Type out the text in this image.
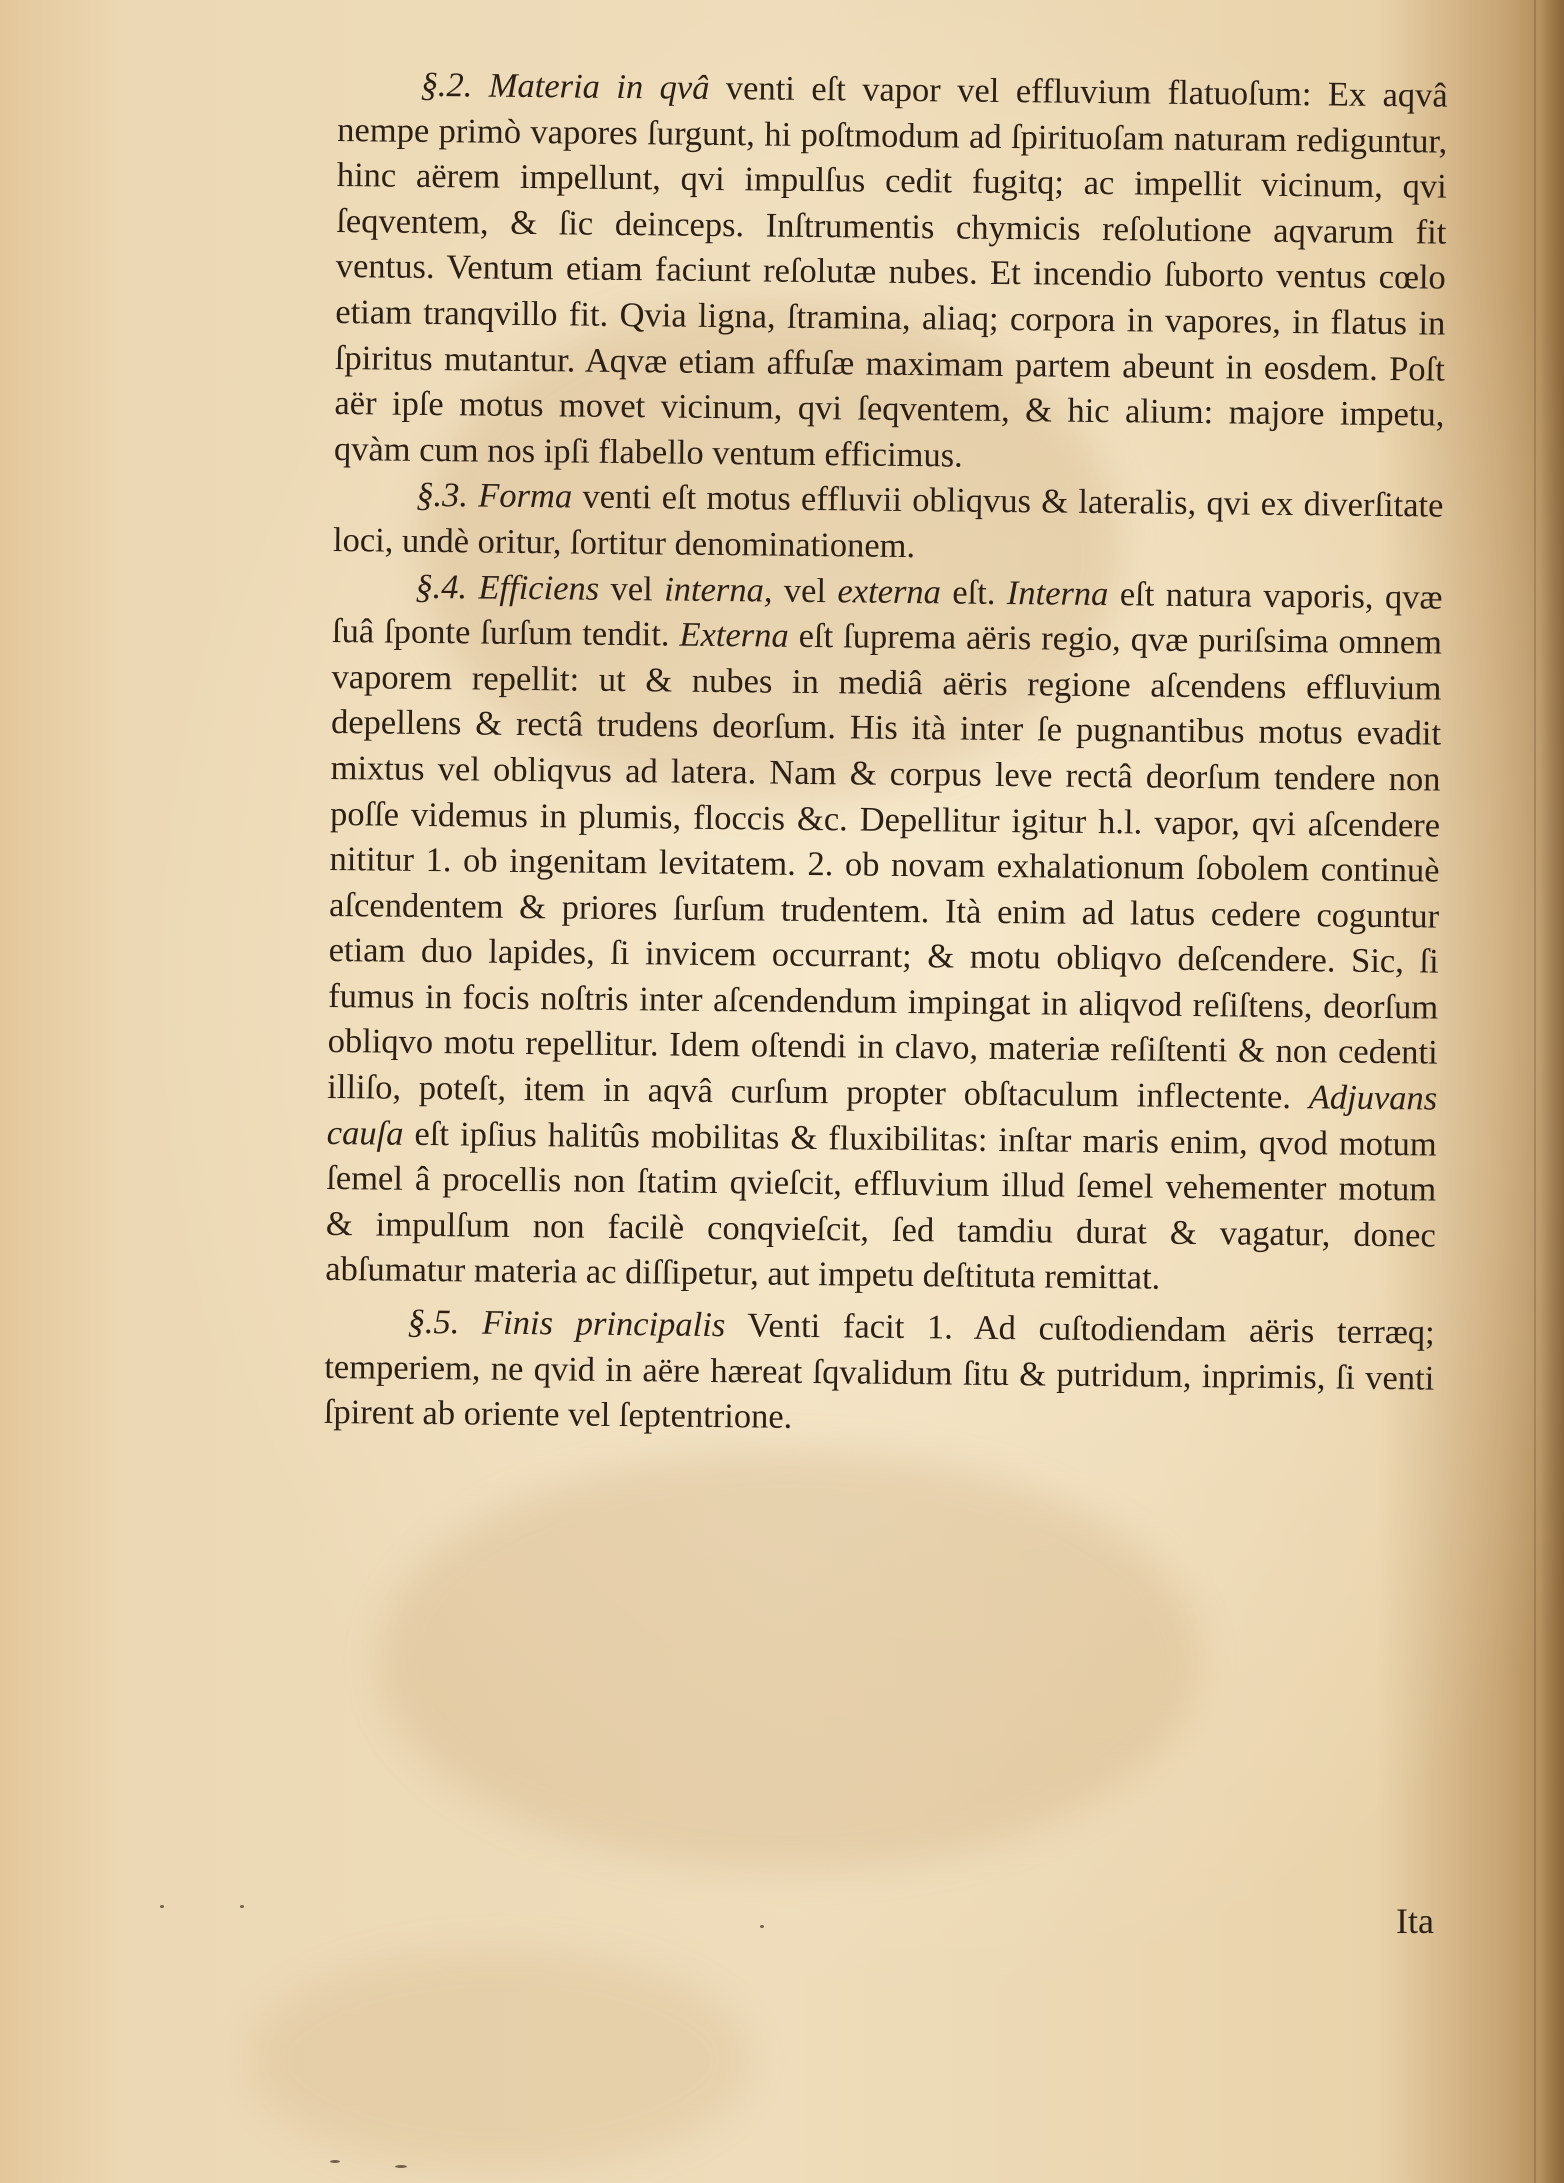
§.2. Materia in qvâ venti eſt vapor vel effluvium flatuoſum: Ex aqvâ nempe primò vapores ſurgunt, hi poſtmodum ad ſpirituoſam naturam rediguntur, hinc aërem impellunt, qvi impulſus cedit fugitq; ac impellit vicinum, qvi ſeqventem, & ſic deinceps. Inſtrumentis chymicis reſolutione aqvarum fit ventus. Ventum etiam faciunt reſolutæ nubes. Et incendio ſuborto ventus cœlo etiam tranqvillo fit. Qvia ligna, ſtramina, aliaq; corpora in vapores, in flatus in ſpiritus mutantur. Aqvæ etiam affuſæ maximam partem abeunt in eosdem. Poſt aër ipſe motus movet vicinum, qvi ſeqventem, & hic alium: majore impetu, qvàm cum nos ipſi flabello ventum efficimus.

§.3. Forma venti eſt motus effluvii obliqvus & lateralis, qvi ex diverſitate loci, undè oritur, ſortitur denominationem.

§.4. Efficiens vel interna, vel externa eſt. Interna eſt natura vaporis, qvæ ſuâ ſponte ſurſum tendit. Externa eſt ſuprema aëris regio, qvæ puriſsima omnem vaporem repellit: ut & nubes in mediâ aëris regione aſcendens effluvium depellens & rectâ trudens deorſum. His ità inter ſe pugnantibus motus evadit mixtus vel obliqvus ad latera. Nam & corpus leve rectâ deorſum tendere non poſſe videmus in plumis, floccis &c. Depellitur igitur h.l. vapor, qvi aſcendere nititur 1. ob ingenitam levitatem. 2. ob novam exhalationum ſobolem continuè aſcendentem & priores ſurſum trudentem. Ità enim ad latus cedere coguntur etiam duo lapides, ſi invicem occurrant; & motu obliqvo deſcendere. Sic, ſi fumus in focis noſtris inter aſcendendum impingat in aliqvod reſiſtens, deorſum obliqvo motu repellitur. Idem oſtendi in clavo, materiæ reſiſtenti & non cedenti illiſo, poteſt, item in aqvâ curſum propter obſtaculum inflectente. Adjuvans cauſa eſt ipſius halitûs mobilitas & fluxibilitas: inſtar maris enim, qvod motum ſemel â procellis non ſtatim qvieſcit, effluvium illud ſemel vehementer motum & impulſum non facilè conqvieſcit, ſed tamdiu durat & vagatur, donec abſumatur materia ac diſſipetur, aut impetu deſtituta remittat.

§.5. Finis principalis Venti facit 1. Ad cuſtodiendam aëris terræq; temperiem, ne qvid in aëre hæreat ſqvalidum ſitu & putridum, inprimis, ſi venti ſpirent ab oriente vel ſeptentrione.

Ita
